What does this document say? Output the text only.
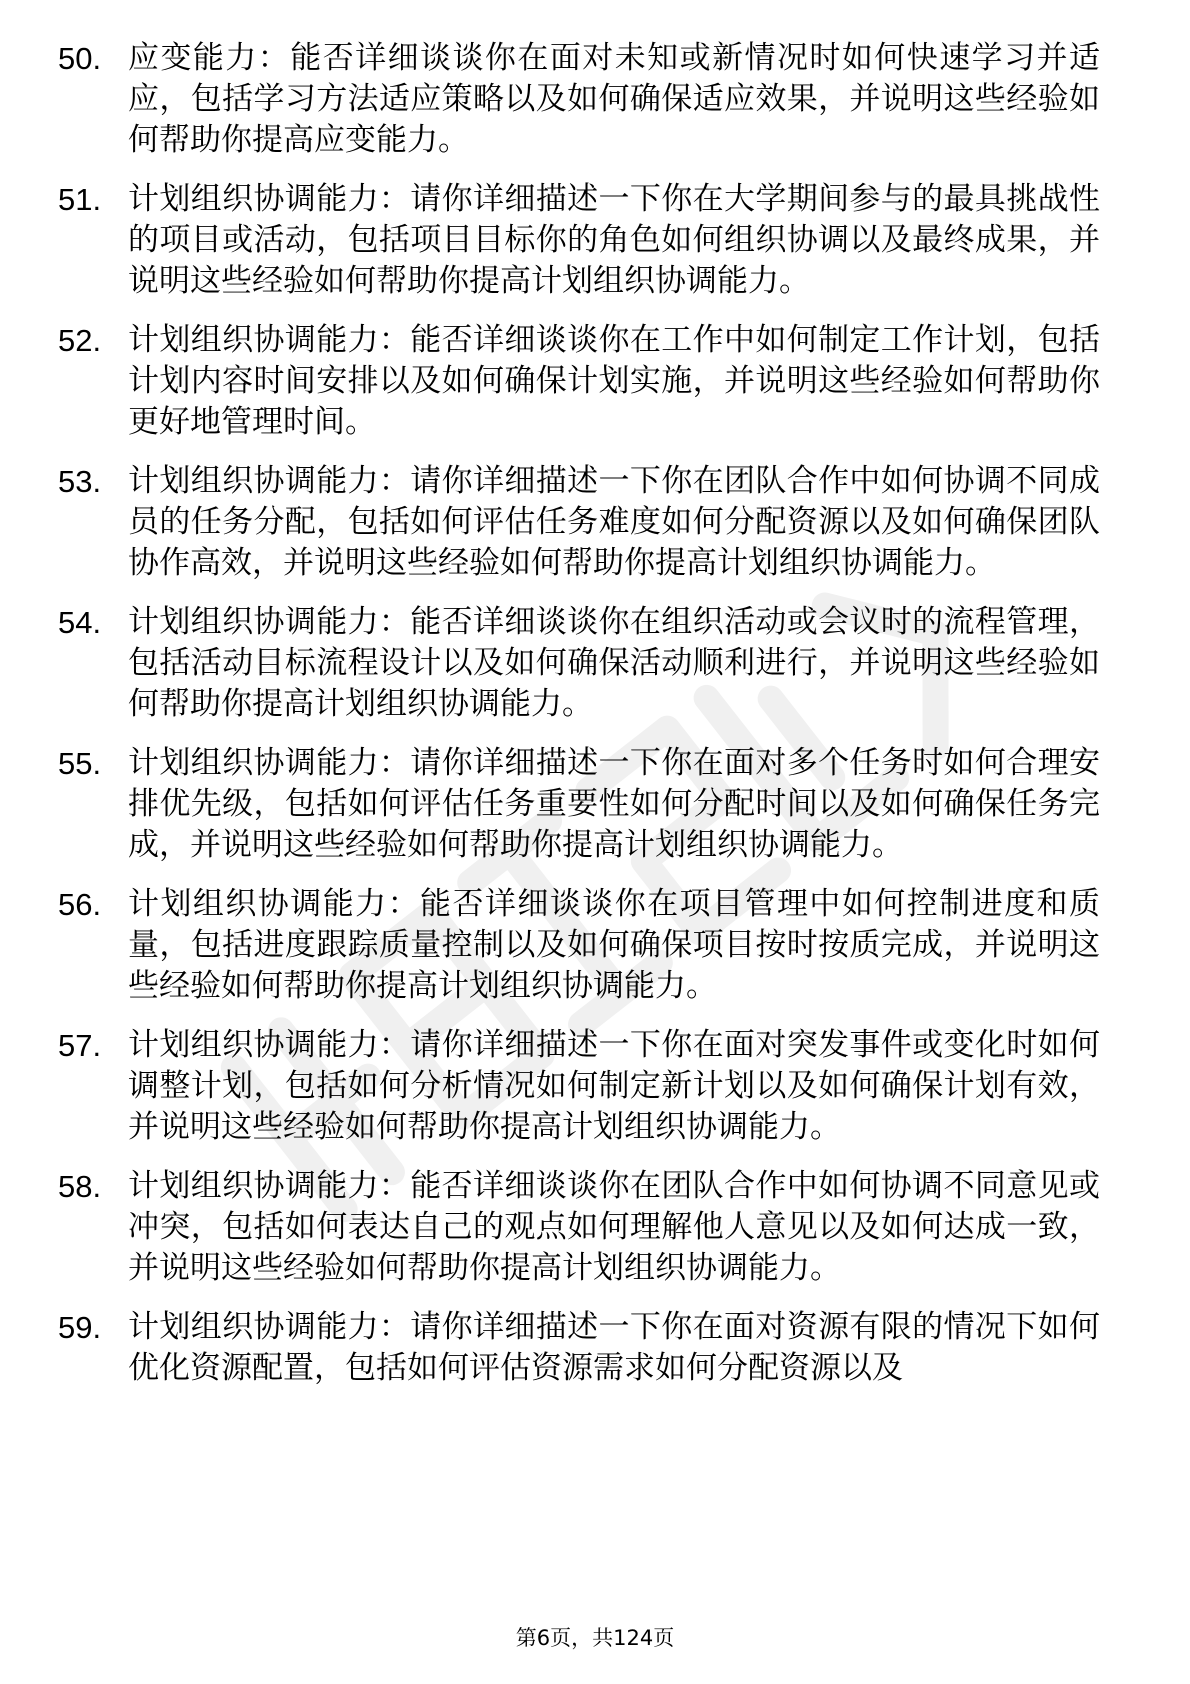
50. 应变能力：能否详细谈谈你在面对未知或新情况时如何快速学习并适应，包括学习方法适应策略以及如何确保适应效果，并说明这些经验如何帮助你提高应变能力。
51. 计划组织协调能力：请你详细描述一下你在大学期间参与的最具挑战性的项目或活动，包括项目目标你的角色如何组织协调以及最终成果，并说明这些经验如何帮助你提高计划组织协调能力。
52. 计划组织协调能力：能否详细谈谈你在工作中如何制定工作计划，包括计划内容时间安排以及如何确保计划实施，并说明这些经验如何帮助你更好地管理时间。
53. 计划组织协调能力：请你详细描述一下你在团队合作中如何协调不同成员的任务分配，包括如何评估任务难度如何分配资源以及如何确保团队协作高效，并说明这些经验如何帮助你提高计划组织协调能力。
54. 计划组织协调能力：能否详细谈谈你在组织活动或会议时的流程管理，包括活动目标流程设计以及如何确保活动顺利进行，并说明这些经验如何帮助你提高计划组织协调能力。
55. 计划组织协调能力：请你详细描述一下你在面对多个任务时如何合理安排优先级，包括如何评估任务重要性如何分配时间以及如何确保任务完成，并说明这些经验如何帮助你提高计划组织协调能力。
56. 计划组织协调能力：能否详细谈谈你在项目管理中如何控制进度和质量，包括进度跟踪质量控制以及如何确保项目按时按质完成，并说明这些经验如何帮助你提高计划组织协调能力。
57. 计划组织协调能力：请你详细描述一下你在面对突发事件或变化时如何调整计划，包括如何分析情况如何制定新计划以及如何确保计划有效，并说明这些经验如何帮助你提高计划组织协调能力。
58. 计划组织协调能力：能否详细谈谈你在团队合作中如何协调不同意见或冲突，包括如何表达自己的观点如何理解他人意见以及如何达成一致，并说明这些经验如何帮助你提高计划组织协调能力。
59. 计划组织协调能力：请你详细描述一下你在面对资源有限的情况下如何优化资源配置，包括如何评估资源需求如何分配资源以及
第6页，共124页
